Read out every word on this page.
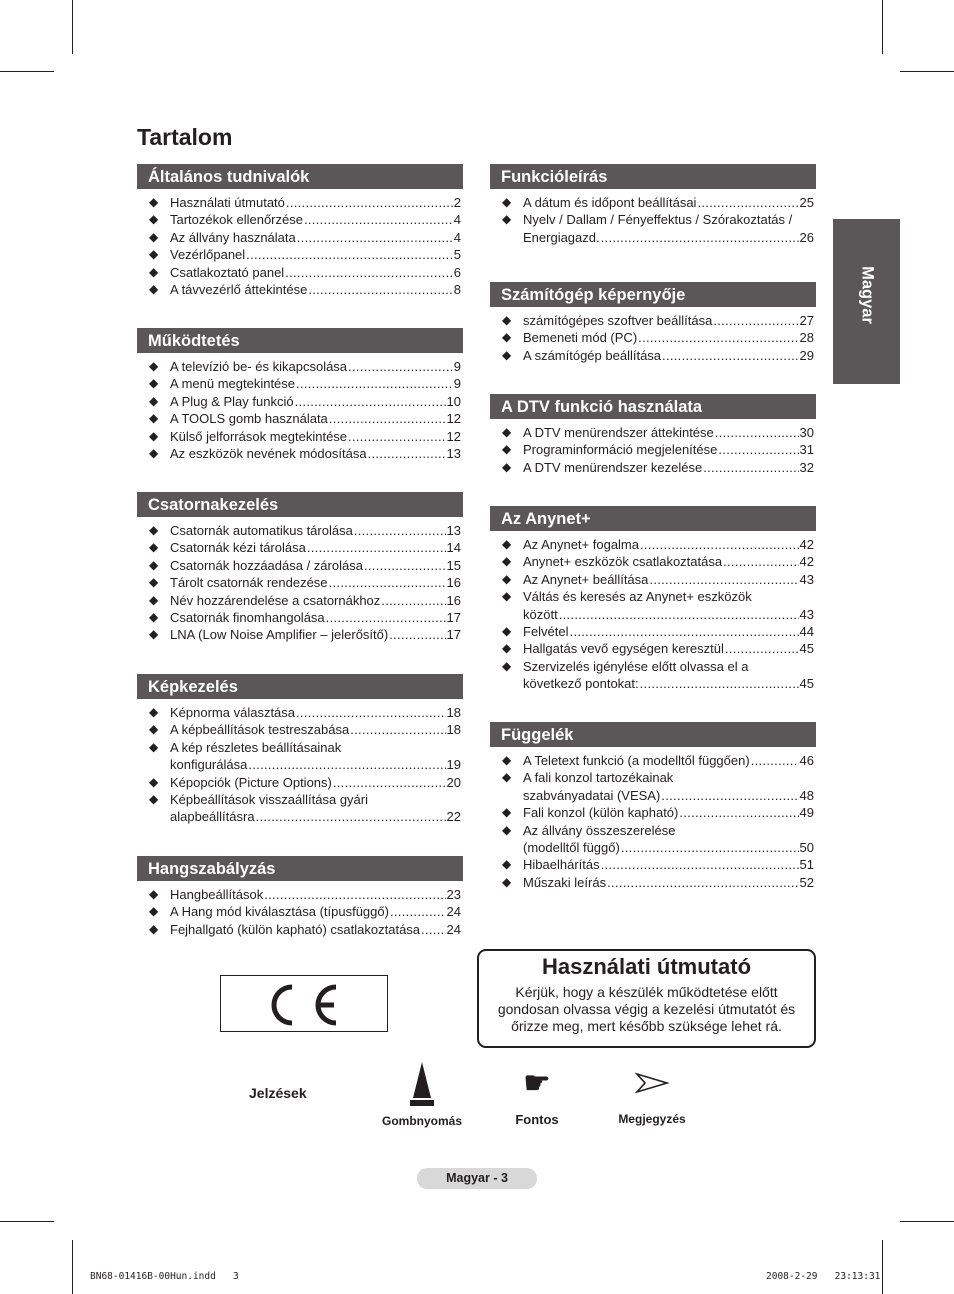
Tartalom
Magyar
Általános tudnivalók
◆ Használati útmutató .....	2
◆ Tartozékok ellenőrzése .....	4
◆ Az állvány használata .....	4
◆ Vezérlőpanel .....	5
◆ Csatlakoztató panel .....	6
◆ A távvezérlő áttekintése .....	8
Működtetés
◆ A televízió be- és kikapcsolása .....	9
◆ A menü megtekintése .....	9
◆ A Plug & Play funkció .....	10
◆ A TOOLS gomb használata .....	12
◆ Külső jelforrások megtekintése .....	12
◆ Az eszközök nevének módosítása .....	13
Csatornakezelés
◆ Csatornák automatikus tárolása .....	13
◆ Csatornák kézi tárolása .....	14
◆ Csatornák hozzáadása / zárolása .....	15
◆ Tárolt csatornák rendezése .....	16
◆ Név hozzárendelése a csatornákhoz .....	16
◆ Csatornák finomhangolása .....	17
◆ LNA (Low Noise Amplifier – jelerősítő) .....	17
Képkezelés
◆ Képnorma választása .....	18
◆ A képbeállítások testreszabása .....	18
◆ A kép részletes beállításainak
konfigurálása .....	19
◆ Képopciók (Picture Options) .....	20
◆ Képbeállítások visszaállítása gyári
alapbeállításra .....	22
Hangszabályzás
◆ Hangbeállítások .....	23
◆ A Hang mód kiválasztása (típusfüggő) .....	24
◆ Fejhallgató (külön kapható) csatlakoztatása ..... 24
Funkcióleírás
◆ A dátum és időpont beállításai .....	25
◆ Nyelv / Dallam / Fényeffektus / Szórakoztatás /
Energiagazd. .....	26
Számítógép képernyője
◆ számítógépes szoftver beállítása .....	27
◆ Bemeneti mód (PC) .....	28
◆ A számítógép beállítása .....	29
A DTV funkció használata
◆ A DTV menürendszer áttekintése .....	30
◆ Programinformáció megjelenítése .....	31
◆ A DTV menürendszer kezelése .....	32
Az Anynet+
◆ Az Anynet+ fogalma .....	42
◆ Anynet+ eszközök csatlakoztatása .....	42
◆ Az Anynet+ beállítása .....	43
◆ Váltás és keresés az Anynet+ eszközök
között .....	43
◆ Felvétel .....	44
◆ Hallgatás vevő egységen keresztül .....	45
◆ Szervizelés igénylése előtt olvassa el a
következő pontokat: .....	45
Függelék
◆ A Teletext funkció (a modelltől függően) .....	46
◆ A fali konzol tartozékainak
szabványadatai (VESA) .....	48
◆ Fali konzol (külön kapható) .....	49
◆ Az állvány összeszerelése
(modelltől függő) .....	50
◆ Hibaelhárítás .....	51
◆ Műszaki leírás .....	52
Használati útmutató
Kérjük, hogy a készülék működtetése előtt gondosan olvassa végig a kezelési útmutatót és őrizze meg, mert később szüksége lehet rá.
Jelzések
Gombnyomás
☛
Fontos	Megjegyzés
Magyar - 3
BN68-01416B-00Hun.indd   3	2008-2-29   23:13:31
